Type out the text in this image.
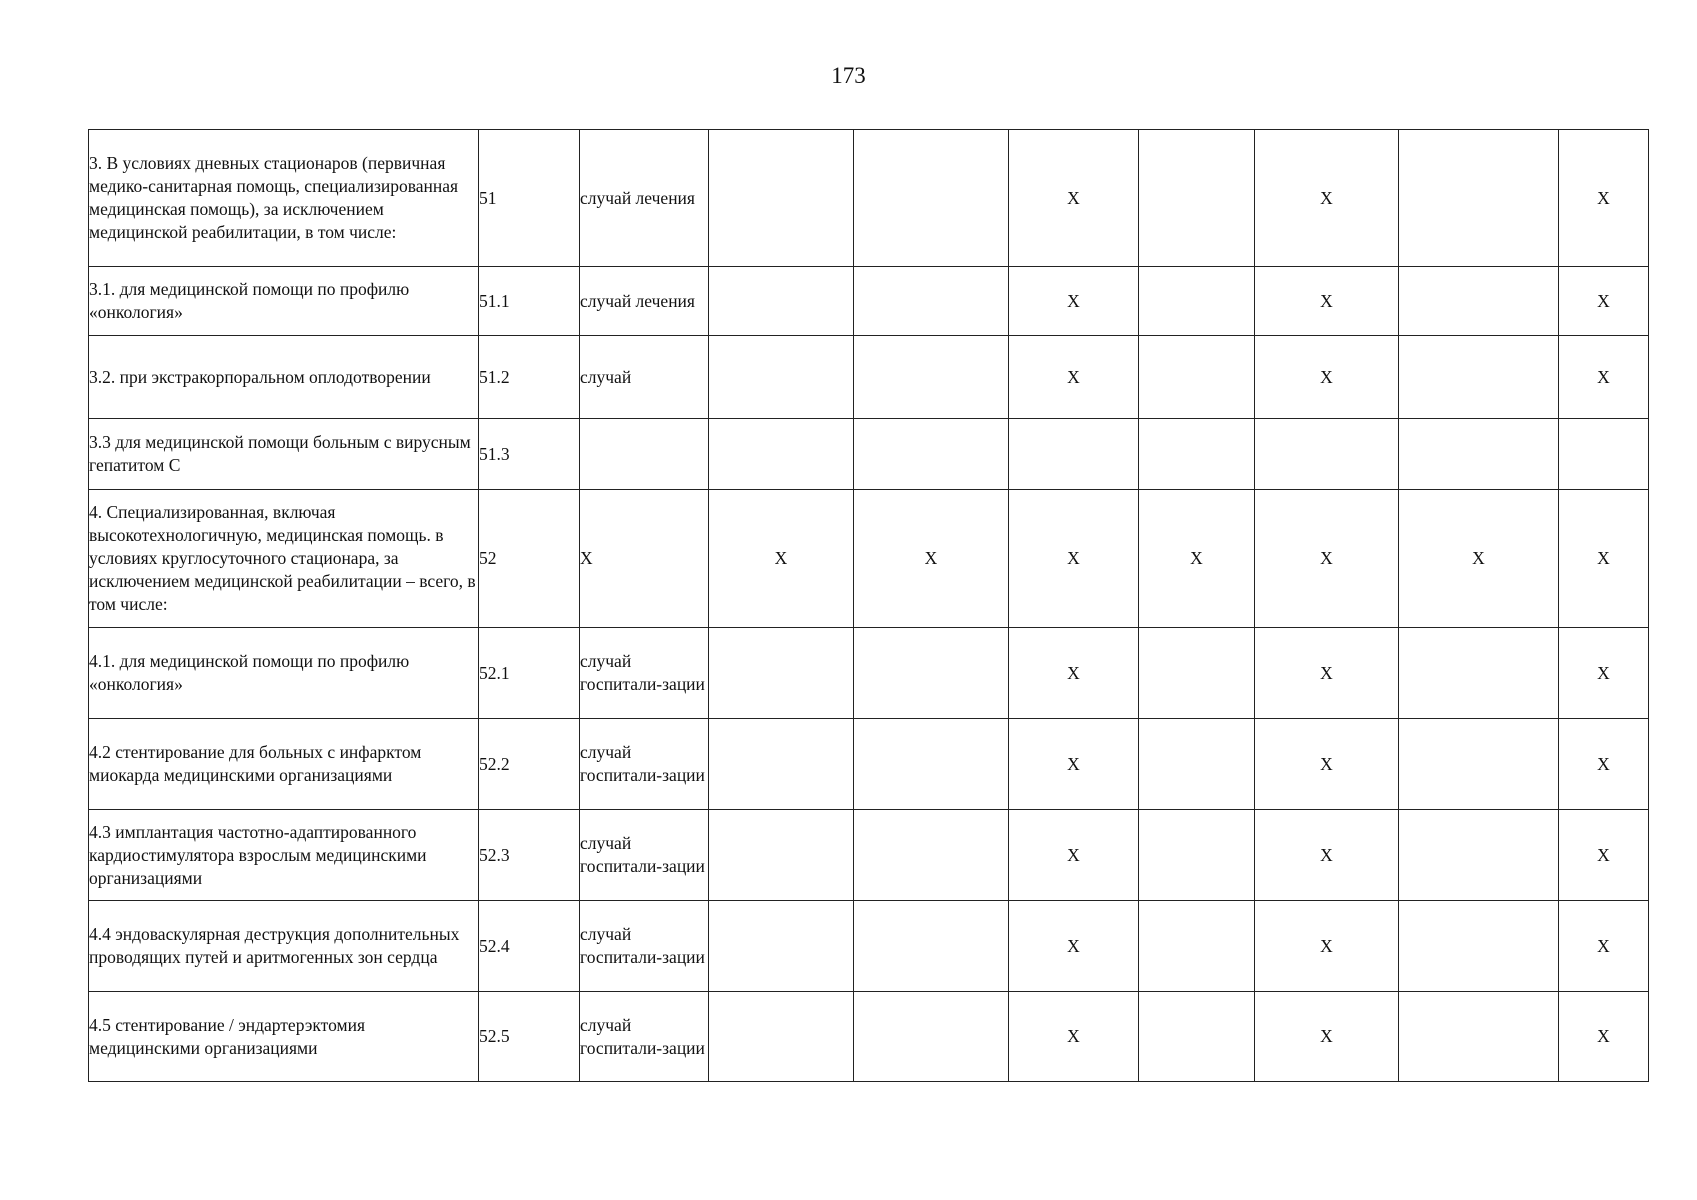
173
3. В условиях дневных стационаров (первичная медико-санитарная помощь, специализированная медицинская помощь), за исключением медицинской реабилитации, в том числе:	51	случай лечения			X		X		X
3.1. для медицинской помощи по профилю «онкология»	51.1	случай лечения			X		X		X
3.2. при экстракорпоральном оплодотворении	51.2	случай			X		X		X
3.3 для медицинской помощи больным с вирусным гепатитом С	51.3								
4. Специализированная, включая высокотехнологичную, медицинская помощь. в условиях круглосуточного стационара, за исключением медицинской реабилитации – всего, в том числе:	52	X	X	X	X	X	X	X	X
4.1. для медицинской помощи по профилю «онкология»	52.1	случай госпитали-зации			X		X		X
4.2 стентирование для больных с инфарктом миокарда медицинскими организациями	52.2	случай госпитали-зации			X		X		X
4.3 имплантация частотно-адаптированного кардиостимулятора взрослым медицинскими организациями	52.3	случай госпитали-зации			X		X		X
4.4 эндоваскулярная деструкция дополнительных проводящих путей и аритмогенных зон сердца	52.4	случай госпитали-зации			X		X		X
4.5 стентирование / эндартерэктомия медицинскими организациями	52.5	случай госпитали-зации			X		X		X
